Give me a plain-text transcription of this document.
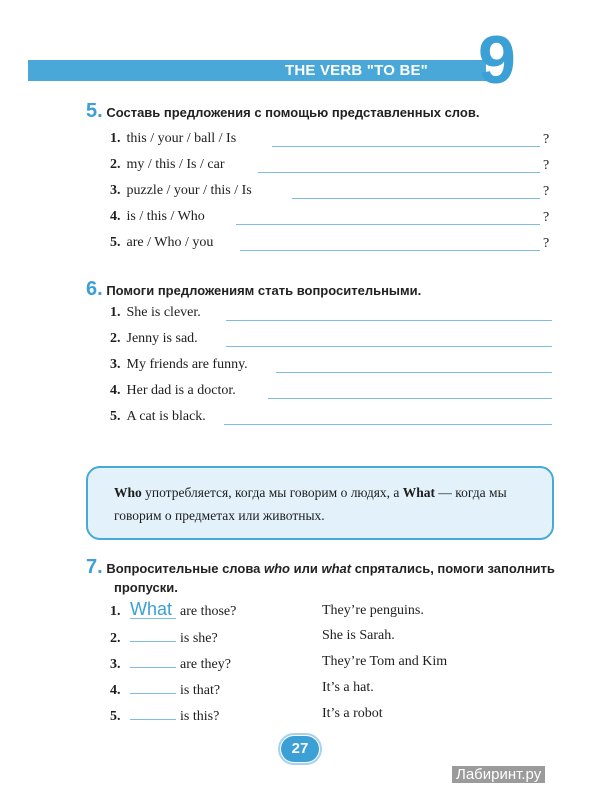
THE VERB "TO BE" 9
5. Составь предложения с помощью представленных слов.
1. this / your / ball / Is	?
2. my / this / Is / car	?
3. puzzle / your / this / Is	?
4. is / this / Who	?
5. are / Who / you	?
6. Помоги предложениям стать вопросительными.
1. She is clever.
2. Jenny is sad.
3. My friends are funny.
4. Her dad is a doctor.
5. A cat is black.
Who употребляется, когда мы говорим о людях, а What — когда мы говорим о предметах или животных.
7. Вопросительные слова who или what спрятались, помоги заполнить
пропуски.
1. What are those?	They’re penguins.
2.	is she?	She is Sarah.
3.	are they?	They’re Tom and Kim
4.	is that?	It’s a hat.
5.	is this?	It’s a robot
27
Лабиринт.ру
